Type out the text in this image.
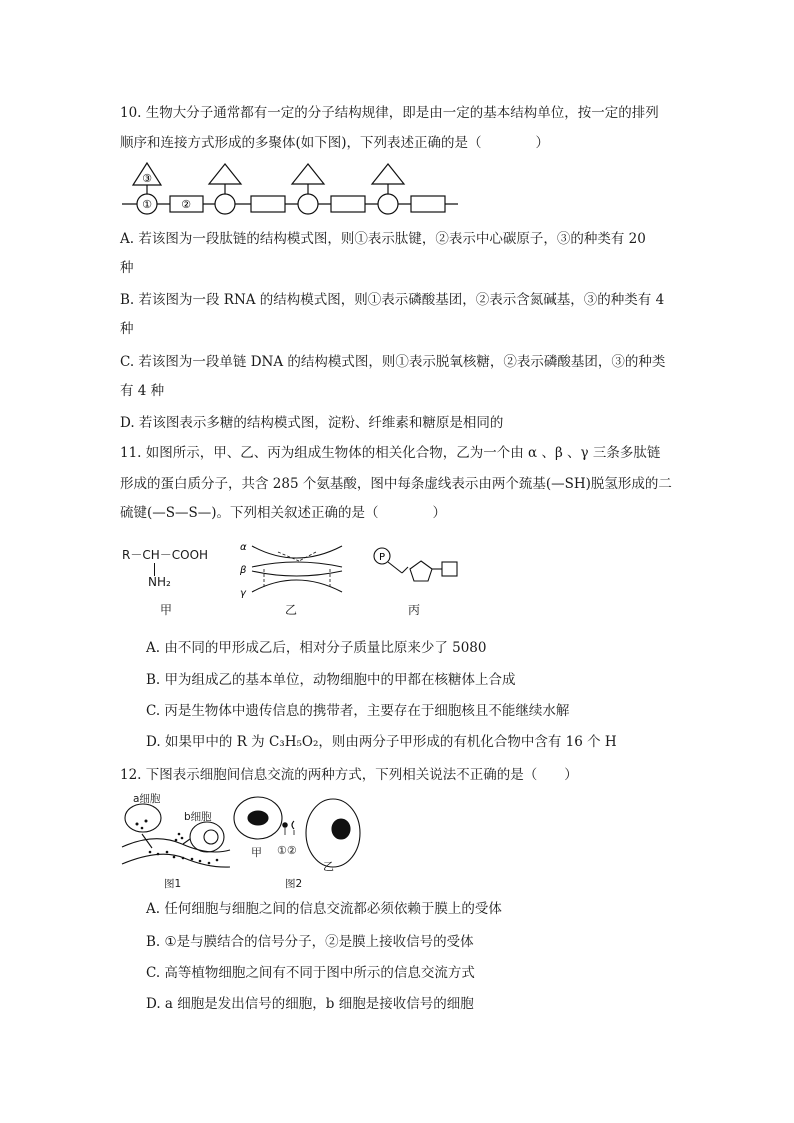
10. 生物大分子通常都有一定的分子结构规律，即是由一定的基本结构单位，按一定的排列
顺序和连接方式形成的多聚体(如下图)，下列表述正确的是（　　　　）
③
①	②
A. 若该图为一段肽链的结构模式图，则①表示肽键，②表示中心碳原子，③的种类有 20
种
B. 若该图为一段 RNA 的结构模式图，则①表示磷酸基团，②表示含氮碱基，③的种类有 4
种
C. 若该图为一段单链 DNA 的结构模式图，则①表示脱氧核糖，②表示磷酸基团，③的种类
有 4 种
D. 若该图表示多糖的结构模式图，淀粉、纤维素和糖原是相同的
11. 如图所示，甲、乙、丙为组成生物体的相关化合物，乙为一个由 α 、β 、γ 三条多肽链
形成的蛋白质分子，共含 285 个氨基酸，图中每条虚线表示由两个巯基(—SH)脱氢形成的二
硫键(—S—S—)。下列相关叙述正确的是（　　　　）
R－CH－COOH
NH₂
甲
α
β
γ
乙
P
丙
A. 由不同的甲形成乙后，相对分子质量比原来少了 5080
B. 甲为组成乙的基本单位，动物细胞中的甲都在核糖体上合成
C. 丙是生物体中遗传信息的携带者，主要存在于细胞核且不能继续水解
D. 如果甲中的 R 为 C₃H₅O₂，则由两分子甲形成的有机化合物中含有 16 个 H
12. 下图表示细胞间信息交流的两种方式，下列相关说法不正确的是（　　）
a细胞
b细胞
图1
甲 ①②
乙
图2
A. 任何细胞与细胞之间的信息交流都必须依赖于膜上的受体
B. ①是与膜结合的信号分子，②是膜上接收信号的受体
C. 高等植物细胞之间有不同于图中所示的信息交流方式
D. a 细胞是发出信号的细胞，b 细胞是接收信号的细胞
